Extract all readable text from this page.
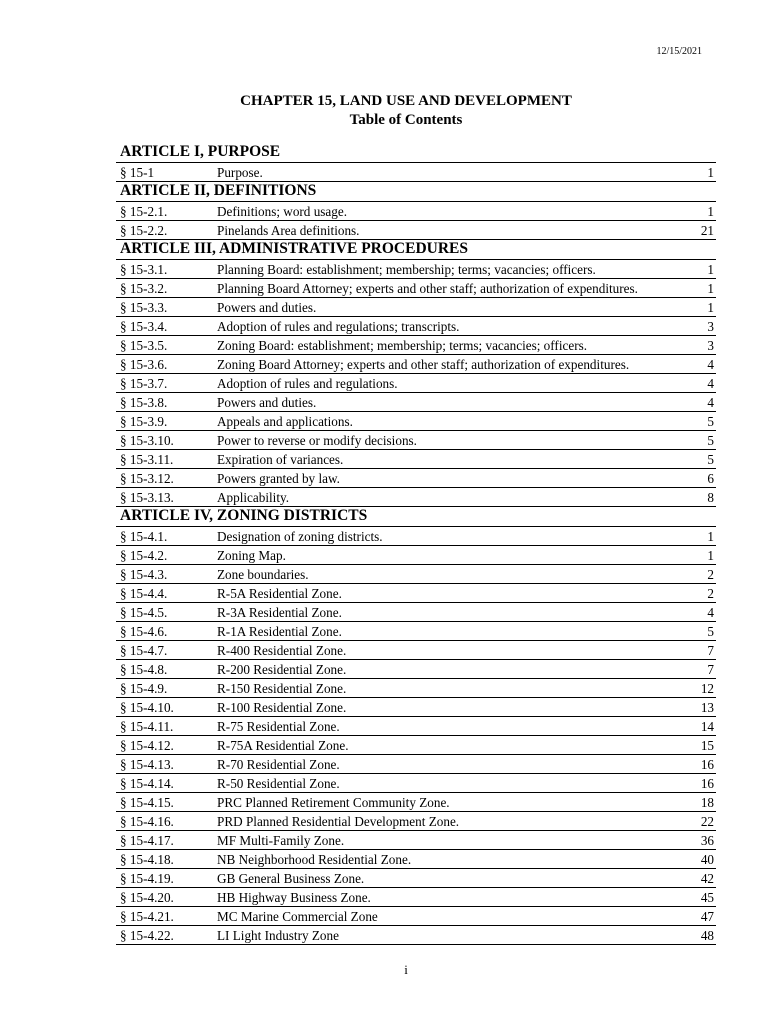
12/15/2021
CHAPTER 15, LAND USE AND DEVELOPMENT
Table of Contents
ARTICLE I, PURPOSE
§ 15-1	Purpose.	1
ARTICLE II, DEFINITIONS
§ 15-2.1.	Definitions; word usage.	1
§ 15-2.2.	Pinelands Area definitions.	21
ARTICLE III, ADMINISTRATIVE PROCEDURES
§ 15-3.1.	Planning Board: establishment; membership; terms; vacancies; officers.	1
§ 15-3.2.	Planning Board Attorney; experts and other staff; authorization of expenditures.	1
§ 15-3.3.	Powers and duties.	1
§ 15-3.4.	Adoption of rules and regulations; transcripts.	3
§ 15-3.5.	Zoning Board: establishment; membership; terms; vacancies; officers.	3
§ 15-3.6.	Zoning Board Attorney; experts and other staff; authorization of expenditures.	4
§ 15-3.7.	Adoption of rules and regulations.	4
§ 15-3.8.	Powers and duties.	4
§ 15-3.9.	Appeals and applications.	5
§ 15-3.10.	Power to reverse or modify decisions.	5
§ 15-3.11.	Expiration of variances.	5
§ 15-3.12.	Powers granted by law.	6
§ 15-3.13.	Applicability.	8
ARTICLE IV, ZONING DISTRICTS
§ 15-4.1.	Designation of zoning districts.	1
§ 15-4.2.	Zoning Map.	1
§ 15-4.3.	Zone boundaries.	2
§ 15-4.4.	R-5A Residential Zone.	2
§ 15-4.5.	R-3A Residential Zone.	4
§ 15-4.6.	R-1A Residential Zone.	5
§ 15-4.7.	R-400 Residential Zone.	7
§ 15-4.8.	R-200 Residential Zone.	7
§ 15-4.9.	R-150 Residential Zone.	12
§ 15-4.10.	R-100 Residential Zone.	13
§ 15-4.11.	R-75 Residential Zone.	14
§ 15-4.12.	R-75A Residential Zone.	15
§ 15-4.13.	R-70 Residential Zone.	16
§ 15-4.14.	R-50 Residential Zone.	16
§ 15-4.15.	PRC Planned Retirement Community Zone.	18
§ 15-4.16.	PRD Planned Residential Development Zone.	22
§ 15-4.17.	MF Multi-Family Zone.	36
§ 15-4.18.	NB Neighborhood Residential Zone.	40
§ 15-4.19.	GB General Business Zone.	42
§ 15-4.20.	HB Highway Business Zone.	45
§ 15-4.21.	MC Marine Commercial Zone	47
§ 15-4.22.	LI Light Industry Zone	48
i
